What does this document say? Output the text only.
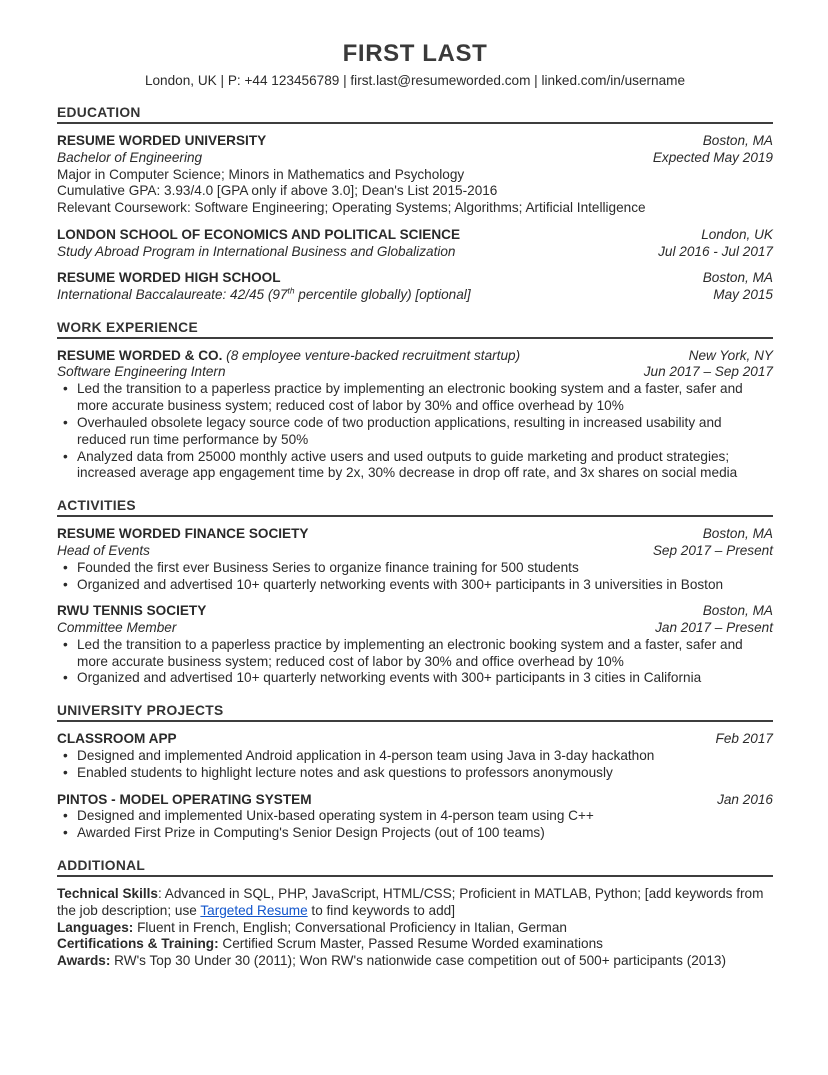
FIRST LAST
London, UK | P: +44 123456789 | first.last@resumeworded.com | linked.com/in/username
EDUCATION
RESUME WORDED UNIVERSITY	Boston, MA
Bachelor of Engineering	Expected May 2019

Major in Computer Science; Minors in Mathematics and Psychology

Cumulative GPA: 3.93/4.0 [GPA only if above 3.0]; Dean's List 2015-2016

Relevant Coursework: Software Engineering; Operating Systems; Algorithms; Artificial Intelligence

LONDON SCHOOL OF ECONOMICS AND POLITICAL SCIENCE	London, UK
Study Abroad Program in International Business and Globalization	Jul 2016 - Jul 2017
RESUME WORDED HIGH SCHOOL	Boston, MA
International Baccalaureate: 42/45 (97th percentile globally) [optional]	May 2015
WORK EXPERIENCE
RESUME WORDED & CO. (8 employee venture-backed recruitment startup)	New York, NY
Software Engineering Intern	Jun 2017 – Sep 2017
• Led the transition to a paperless practice by implementing an electronic booking system and a faster, safer and more accurate business system; reduced cost of labor by 30% and office overhead by 10%
• Overhauled obsolete legacy source code of two production applications, resulting in increased usability and reduced run time performance by 50%
• Analyzed data from 25000 monthly active users and used outputs to guide marketing and product strategies; increased average app engagement time by 2x, 30% decrease in drop off rate, and 3x shares on social media
ACTIVITIES
RESUME WORDED FINANCE SOCIETY	Boston, MA
Head of Events	Sep 2017 – Present
• Founded the first ever Business Series to organize finance training for 500 students
• Organized and advertised 10+ quarterly networking events with 300+ participants in 3 universities in Boston
RWU TENNIS SOCIETY	Boston, MA
Committee Member	Jan 2017 – Present
• Led the transition to a paperless practice by implementing an electronic booking system and a faster, safer and more accurate business system; reduced cost of labor by 30% and office overhead by 10%
• Organized and advertised 10+ quarterly networking events with 300+ participants in 3 cities in California
UNIVERSITY PROJECTS
CLASSROOM APP	Feb 2017
• Designed and implemented Android application in 4-person team using Java in 3-day hackathon
• Enabled students to highlight lecture notes and ask questions to professors anonymously
PINTOS - MODEL OPERATING SYSTEM	Jan 2016
• Designed and implemented Unix-based operating system in 4-person team using C++
• Awarded First Prize in Computing's Senior Design Projects (out of 100 teams)
ADDITIONAL

Technical Skills: Advanced in SQL, PHP, JavaScript, HTML/CSS; Proficient in MATLAB, Python; [add keywords from the job description; use Targeted Resume to find keywords to add]

Languages: Fluent in French, English; Conversational Proficiency in Italian, German

Certifications & Training: Certified Scrum Master, Passed Resume Worded examinations

Awards: RW's Top 30 Under 30 (2011); Won RW's nationwide case competition out of 500+ participants (2013)
